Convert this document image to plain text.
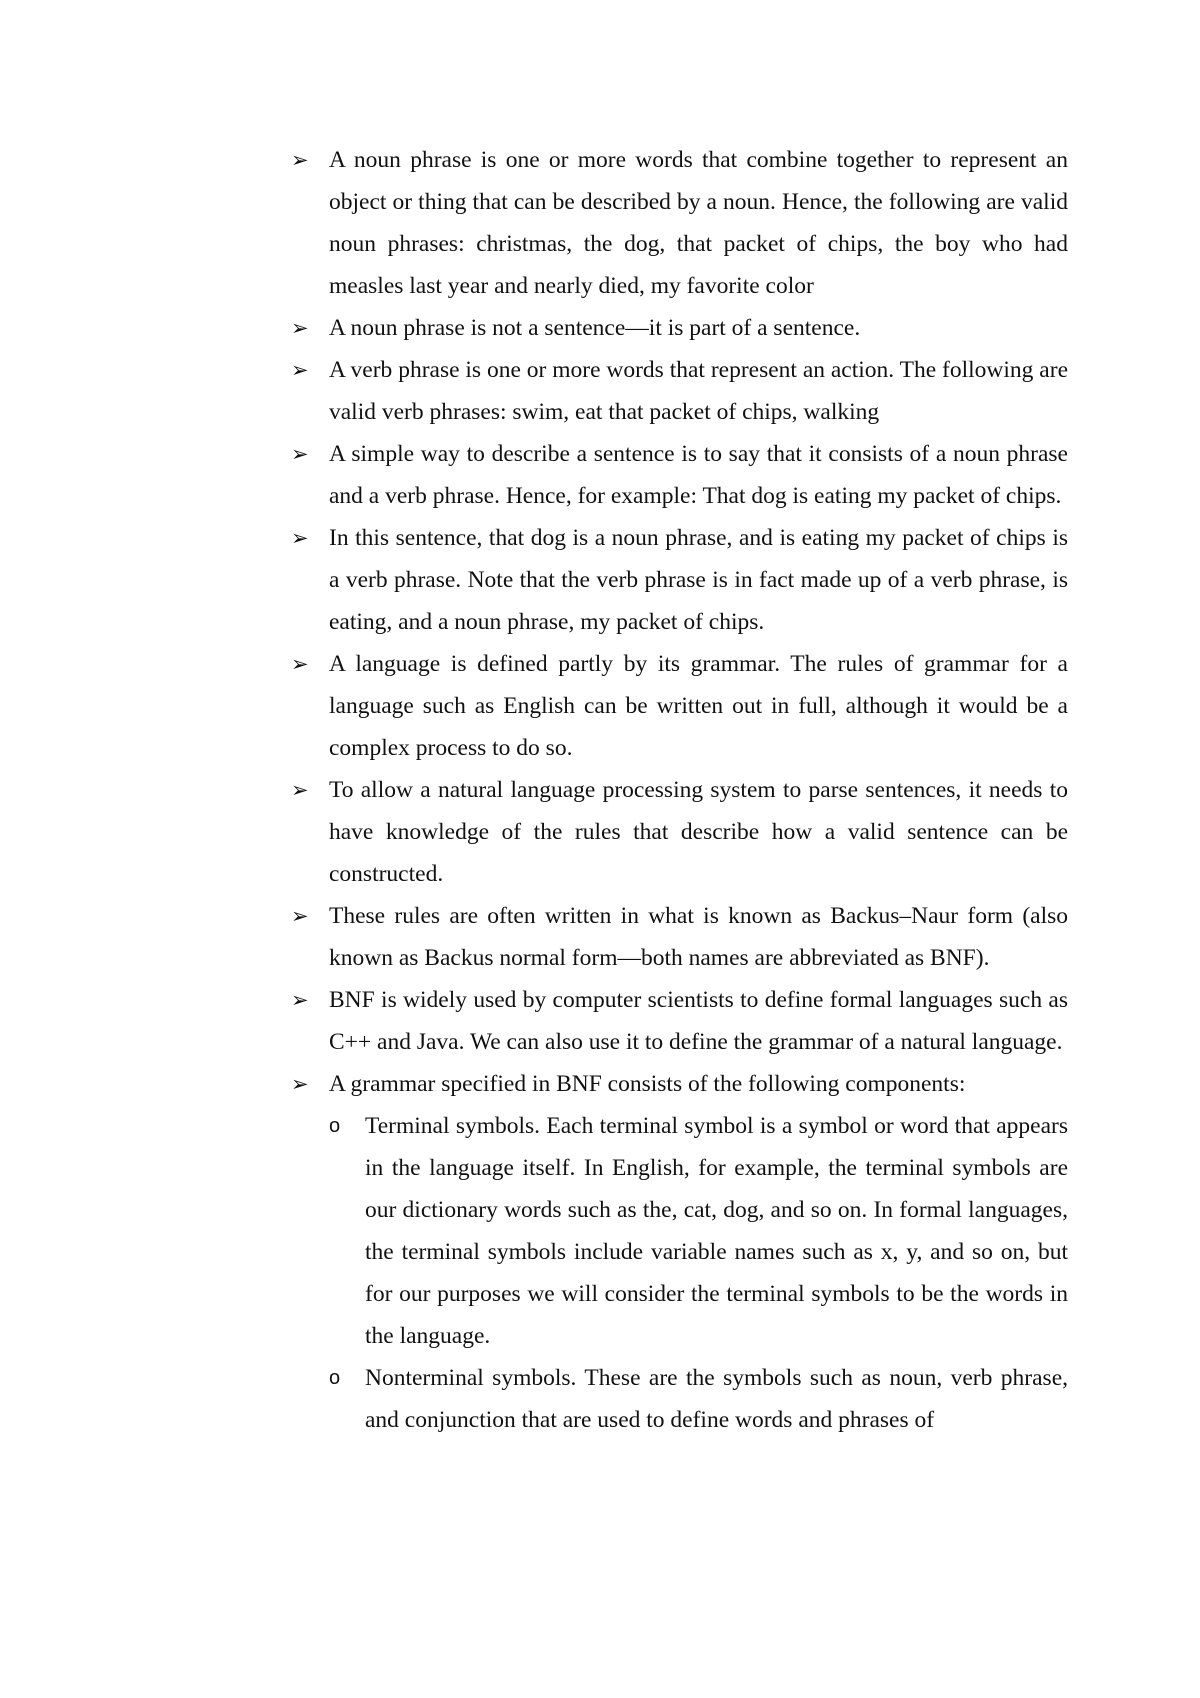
➢ A noun phrase is one or more words that combine together to represent an object or thing that can be described by a noun. Hence, the following are valid noun phrases: christmas, the dog, that packet of chips, the boy who had measles last year and nearly died, my favorite color
➢ A noun phrase is not a sentence—it is part of a sentence.
➢ A verb phrase is one or more words that represent an action. The following are valid verb phrases: swim, eat that packet of chips, walking
➢ A simple way to describe a sentence is to say that it consists of a noun phrase and a verb phrase. Hence, for example: That dog is eating my packet of chips.
➢ In this sentence, that dog is a noun phrase, and is eating my packet of chips is a verb phrase. Note that the verb phrase is in fact made up of a verb phrase, is eating, and a noun phrase, my packet of chips.
➢ A language is defined partly by its grammar. The rules of grammar for a language such as English can be written out in full, although it would be a complex process to do so.
➢ To allow a natural language processing system to parse sentences, it needs to have knowledge of the rules that describe how a valid sentence can be constructed.
➢ These rules are often written in what is known as Backus–Naur form (also known as Backus normal form—both names are abbreviated as BNF).
➢ BNF is widely used by computer scientists to define formal languages such as C++ and Java. We can also use it to define the grammar of a natural language.
➢ A grammar specified in BNF consists of the following components:
o	Terminal symbols. Each terminal symbol is a symbol or word that appears in the language itself. In English, for example, the terminal symbols are our dictionary words such as the, cat, dog, and so on. In formal languages, the terminal symbols include variable names such as x, y, and so on, but for our purposes we will consider the terminal symbols to be the words in the language.
o	Nonterminal symbols. These are the symbols such as noun, verb phrase, and conjunction that are used to define words and phrases of
